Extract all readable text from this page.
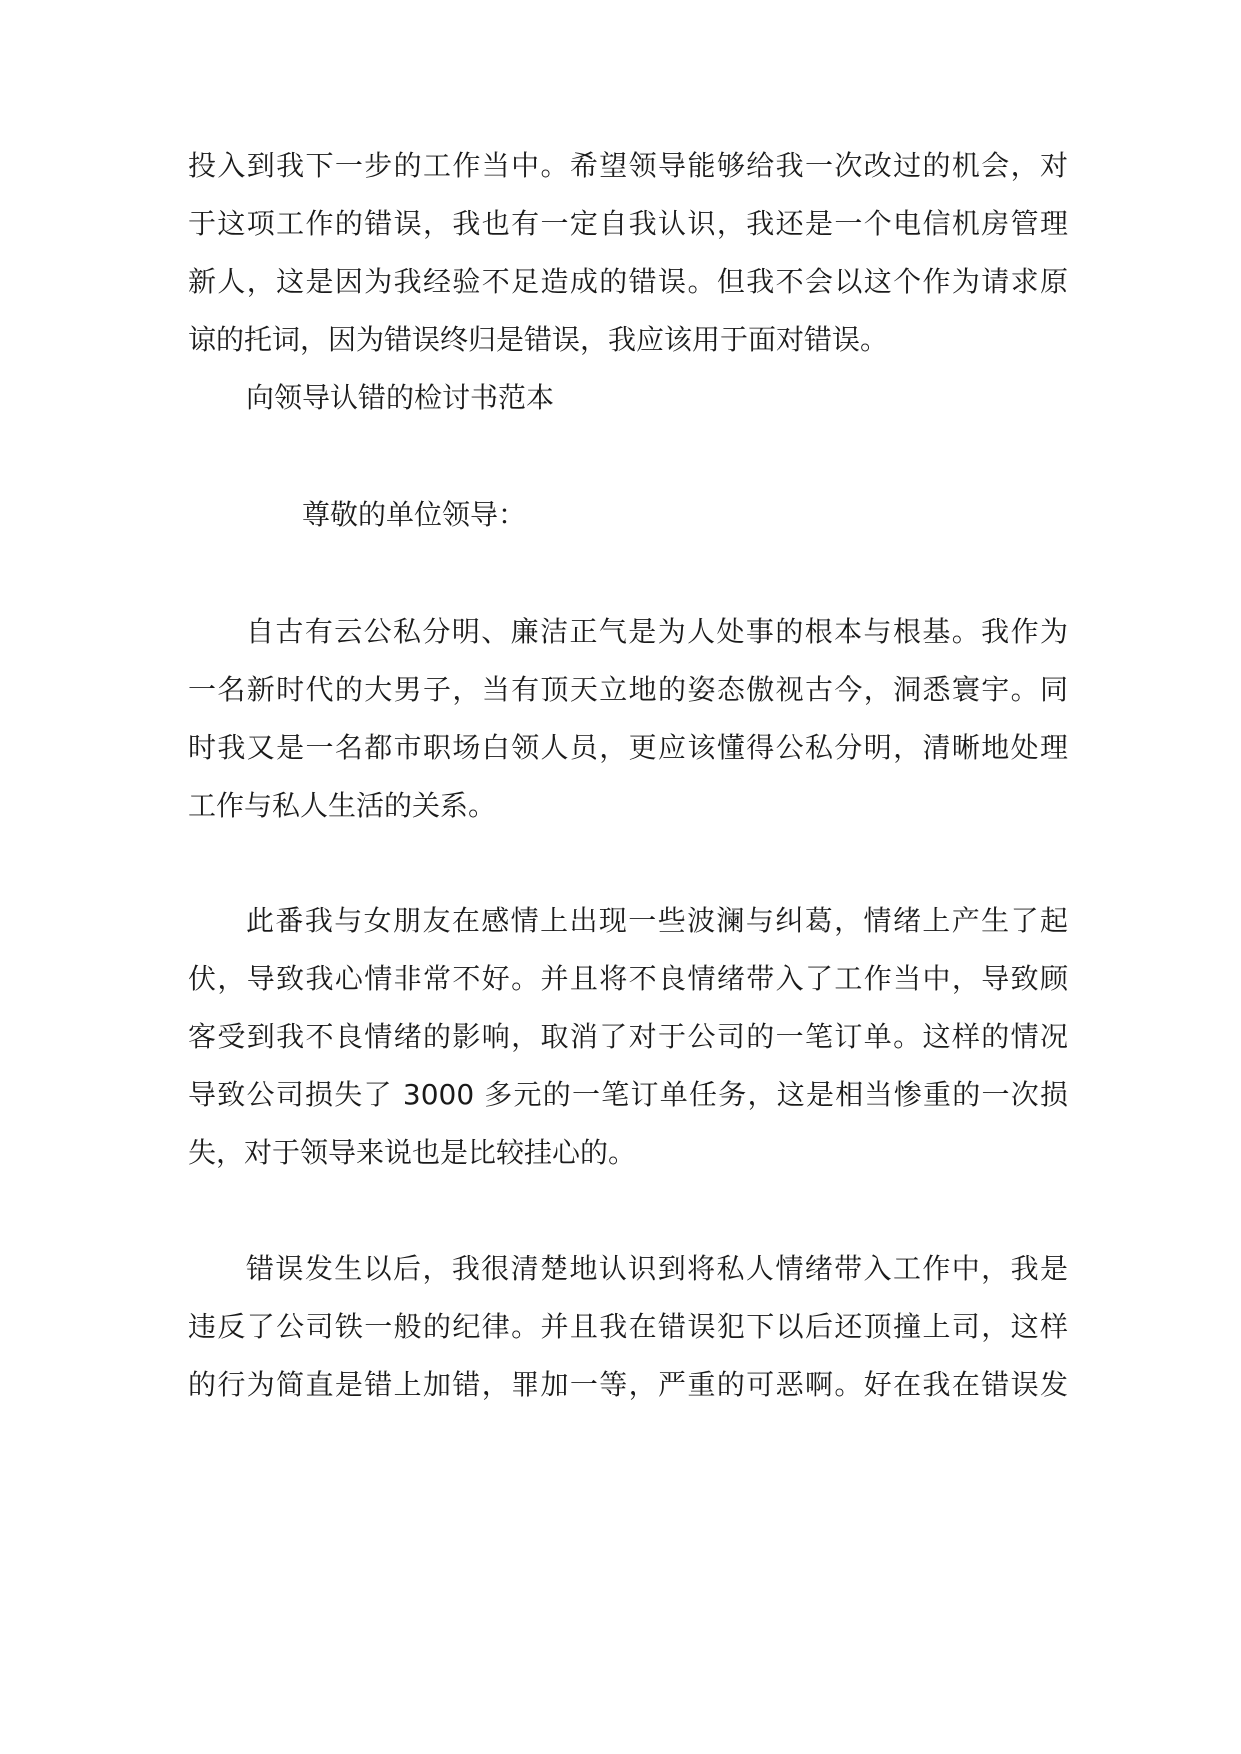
投入到我下一步的工作当中。希望领导能够给我一次改过的机会，对
于这项工作的错误，我也有一定自我认识，我还是一个电信机房管理
新人，这是因为我经验不足造成的错误。但我不会以这个作为请求原
谅的托词，因为错误终归是错误，我应该用于面对错误。
向领导认错的检讨书范本
尊敬的单位领导：
自古有云公私分明、廉洁正气是为人处事的根本与根基。我作为
一名新时代的大男子，当有顶天立地的姿态傲视古今，洞悉寰宇。同
时我又是一名都市职场白领人员，更应该懂得公私分明，清晰地处理
工作与私人生活的关系。
此番我与女朋友在感情上出现一些波澜与纠葛，情绪上产生了起
伏，导致我心情非常不好。并且将不良情绪带入了工作当中，导致顾
客受到我不良情绪的影响，取消了对于公司的一笔订单。这样的情况
导致公司损失了 3000 多元的一笔订单任务，这是相当惨重的一次损
失，对于领导来说也是比较挂心的。
错误发生以后，我很清楚地认识到将私人情绪带入工作中，我是
违反了公司铁一般的纪律。并且我在错误犯下以后还顶撞上司，这样
的行为简直是错上加错，罪加一等，严重的可恶啊。好在我在错误发
